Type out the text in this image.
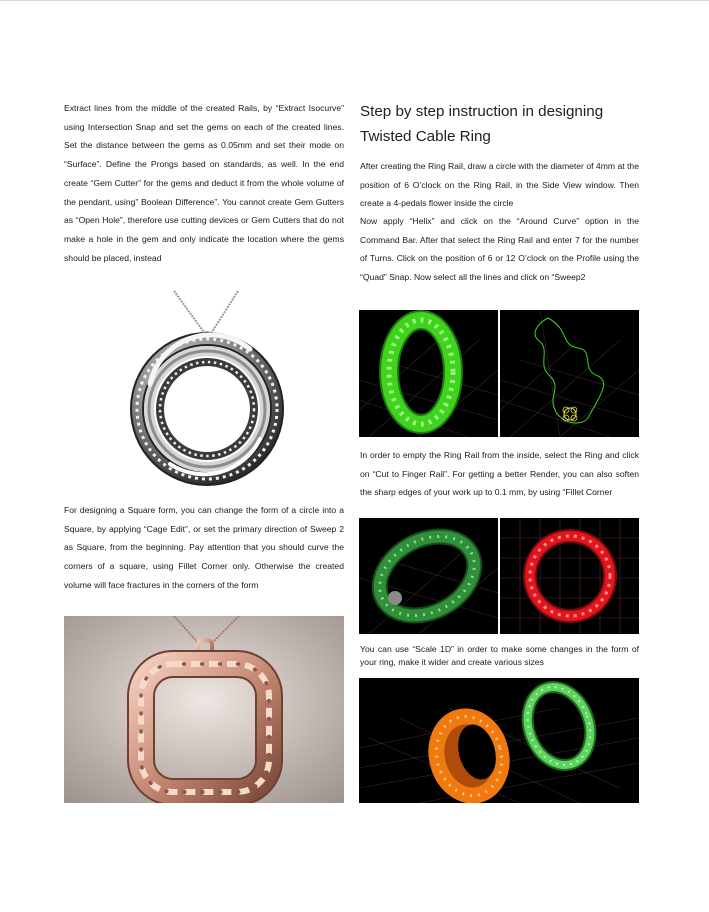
Extract lines from the middle of the created Rails, by “Extract Isocurve” using Intersection Snap and set the gems on each of the created lines. Set the distance between the gems as 0.05mm and set their mode on “Surface”. Define the Prongs based on standards, as well. In the end create “Gem Cutter” for the gems and deduct it from the whole volume of the pendant, using” Boolean Difference”. You cannot create Gem Gutters as “Open Hole”, therefore use cutting devices or Gem Cutters that do not make a hole in the gem and only indicate the location where the gems should be placed, instead

For designing a Square form, you can change the form of a circle into a Square, by applying “Cage Edit”, or set the primary direction of Sweep 2 as Square, from the beginning. Pay attention that you should curve the corners of a square, using Fillet Corner only. Otherwise the created volume will face fractures in the corners of the form

Step by step instruction in designing Twisted Cable Ring

After creating the Ring Rail, draw a circle with the diameter of 4mm at the position of 6 O’clock on the Ring Rail, in the Side View window. Then create a 4-pedals flower inside the circle

Now apply “Helix” and click on the “Around Curve” option in the Command Bar. After that select the Ring Rail and enter 7 for the number of Turns. Click on the position of 6 or 12 O’clock on the Profile using the “Quad” Snap. Now select all the lines and click on “Sweep2

In order to empty the Ring Rail from the inside, select the Ring and click on “Cut to Finger Rail”. For getting a better Render, you can also soften the sharp edges of your work up to 0.1 mm, by using “Fillet Corner

You can use “Scale 1D” in order to make some changes in the form of your ring, make it wider and create various sizes
